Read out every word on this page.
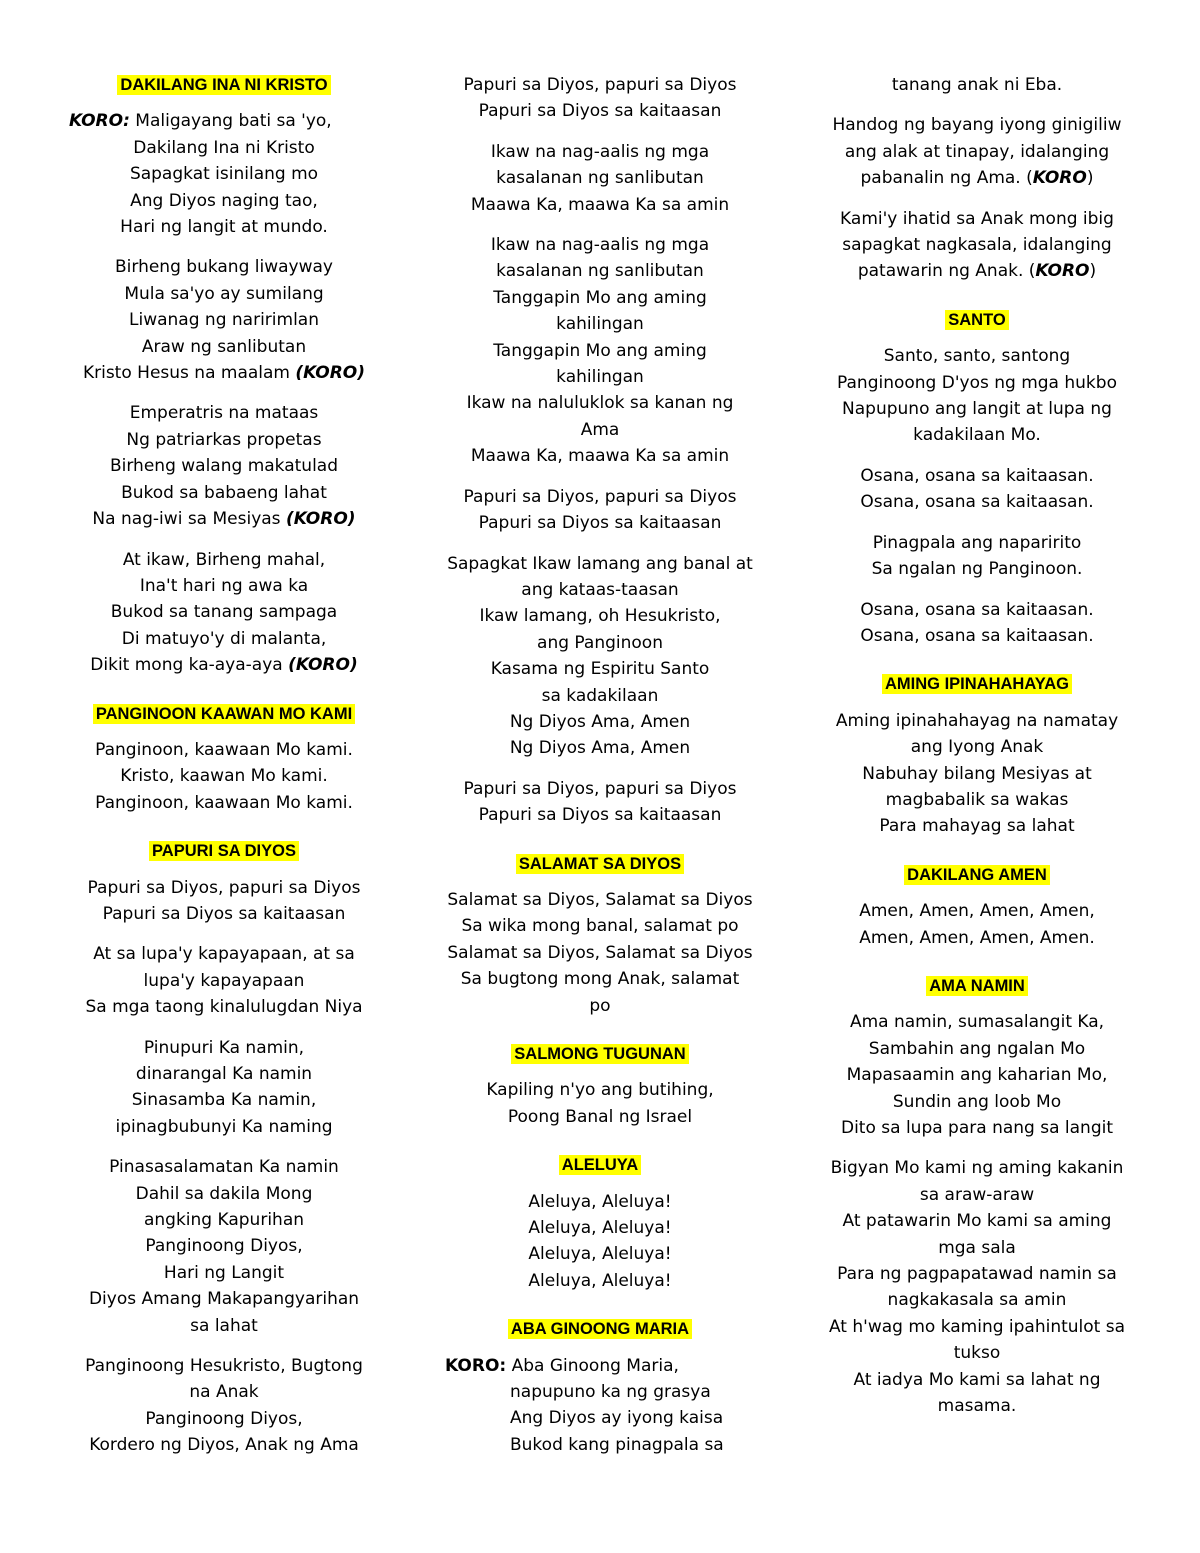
DAKILANG INA NI KRISTO
KORO: Maligayang bati sa 'yo,
Dakilang Ina ni Kristo
Sapagkat isinilang mo
Ang Diyos naging tao,
Hari ng langit at mundo.
Birheng bukang liwayway
Mula sa'yo ay sumilang
Liwanag ng naririmlan
Araw ng sanlibutan
Kristo Hesus na maalam (KORO)
Emperatris na mataas
Ng patriarkas propetas
Birheng walang makatulad
Bukod sa babaeng lahat
Na nag-iwi sa Mesiyas (KORO)
At ikaw, Birheng mahal,
Ina't hari ng awa ka
Bukod sa tanang sampaga
Di matuyo'y di malanta,
Dikit mong ka-aya-aya (KORO)
PANGINOON KAAWAN MO KAMI
Panginoon, kaawaan Mo kami.
Kristo, kaawan Mo kami.
Panginoon, kaawaan Mo kami.
PAPURI SA DIYOS
Papuri sa Diyos, papuri sa Diyos
Papuri sa Diyos sa kaitaasan
At sa lupa'y kapayapaan, at sa
lupa'y kapayapaan
Sa mga taong kinalulugdan Niya
Pinupuri Ka namin,
dinarangal Ka namin
Sinasamba Ka namin,
ipinagbubunyi Ka naming
Pinasasalamatan Ka namin
Dahil sa dakila Mong
angking Kapurihan
Panginoong Diyos,
Hari ng Langit
Diyos Amang Makapangyarihan
sa lahat
Panginoong Hesukristo, Bugtong
na Anak
Panginoong Diyos,
Kordero ng Diyos, Anak ng Ama
Papuri sa Diyos, papuri sa Diyos
Papuri sa Diyos sa kaitaasan
Ikaw na nag-aalis ng mga
kasalanan ng sanlibutan
Maawa Ka, maawa Ka sa amin
Ikaw na nag-aalis ng mga
kasalanan ng sanlibutan
Tanggapin Mo ang aming
kahilingan
Tanggapin Mo ang aming
kahilingan
Ikaw na naluluklok sa kanan ng
Ama
Maawa Ka, maawa Ka sa amin
Papuri sa Diyos, papuri sa Diyos
Papuri sa Diyos sa kaitaasan
Sapagkat Ikaw lamang ang banal at
ang kataas-taasan
Ikaw lamang, oh Hesukristo,
ang Panginoon
Kasama ng Espiritu Santo
sa kadakilaan
Ng Diyos Ama, Amen
Ng Diyos Ama, Amen
Papuri sa Diyos, papuri sa Diyos
Papuri sa Diyos sa kaitaasan
SALAMAT SA DIYOS
Salamat sa Diyos, Salamat sa Diyos
Sa wika mong banal, salamat po
Salamat sa Diyos, Salamat sa Diyos
Sa bugtong mong Anak, salamat
po
SALMONG TUGUNAN
Kapiling n'yo ang butihing,
Poong Banal ng Israel
ALELUYA
Aleluya, Aleluya!
Aleluya, Aleluya!
Aleluya, Aleluya!
Aleluya, Aleluya!
ABA GINOONG MARIA
KORO: Aba Ginoong Maria,
napupuno ka ng grasya
Ang Diyos ay iyong kaisa
Bukod kang pinagpala sa
tanang anak ni Eba.
Handog ng bayang iyong ginigiliw
ang alak at tinapay, idalanging
pabanalin ng Ama. (KORO)
Kami'y ihatid sa Anak mong ibig
sapagkat nagkasala, idalanging
patawarin ng Anak. (KORO)
SANTO
Santo, santo, santong
Panginoong D'yos ng mga hukbo
Napupuno ang langit at lupa ng
kadakilaan Mo.
Osana, osana sa kaitaasan.
Osana, osana sa kaitaasan.
Pinagpala ang naparirito
Sa ngalan ng Panginoon.
Osana, osana sa kaitaasan.
Osana, osana sa kaitaasan.
AMING IPINAHAHAYAG
Aming ipinahahayag na namatay
ang Iyong Anak
Nabuhay bilang Mesiyas at
magbabalik sa wakas
Para mahayag sa lahat
DAKILANG AMEN
Amen, Amen, Amen, Amen,
Amen, Amen, Amen, Amen.
AMA NAMIN
Ama namin, sumasalangit Ka,
Sambahin ang ngalan Mo
Mapasaamin ang kaharian Mo,
Sundin ang loob Mo
Dito sa lupa para nang sa langit
Bigyan Mo kami ng aming kakanin
sa araw-araw
At patawarin Mo kami sa aming
mga sala
Para ng pagpapatawad namin sa
nagkakasala sa amin
At h'wag mo kaming ipahintulot sa
tukso
At iadya Mo kami sa lahat ng
masama.
